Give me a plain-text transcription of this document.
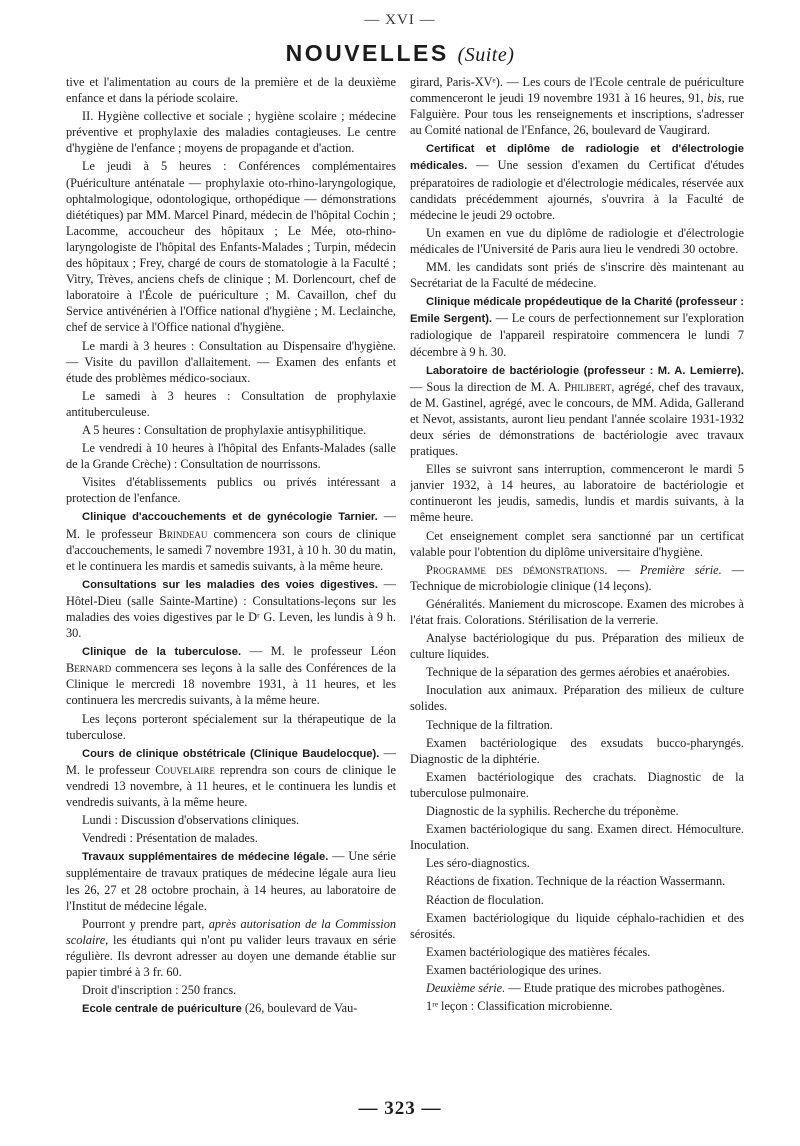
— XVI —
NOUVELLES (Suite)

tive et l'alimentation au cours de la première et de la deuxième enfance et dans la période scolaire.

II. Hygiène collective et sociale ; hygiène scolaire ; médecine préventive et prophylaxie des maladies contagieuses. Le centre d'hygiène de l'enfance ; moyens de propagande et d'action.

Le jeudi à 5 heures : Conférences complémentaires (Puériculture anténatale — prophylaxie oto-rhino-laryngologique, ophtalmologique, odontologique, orthopédique — démonstrations diététiques) par MM. Marcel Pinard, médecin de l'hôpital Cochin ; Lacomme, accoucheur des hôpitaux ; Le Mée, oto-rhino-laryngologiste de l'hôpital des Enfants-Malades ; Turpin, médecin des hôpitaux ; Frey, chargé de cours de stomatologie à la Faculté ; Vitry, Trèves, anciens chefs de clinique ; M. Dorlencourt, chef de laboratoire à l'École de puériculture ; M. Cavaillon, chef du Service antivénérien à l'Office national d'hygiène ; M. Leclainche, chef de service à l'Office national d'hygiène.

Le mardi à 3 heures : Consultation au Dispensaire d'hygiène. — Visite du pavillon d'allaitement. — Examen des enfants et étude des problèmes médico-sociaux.

Le samedi à 3 heures : Consultation de prophylaxie antituberculeuse.

A 5 heures : Consultation de prophylaxie antisyphilitique.

Le vendredi à 10 heures à l'hôpital des Enfants-Malades (salle de la Grande Crèche) : Consultation de nourrissons.

Visites d'établissements publics ou privés intéressant a protection de l'enfance.

Clinique d'accouchements et de gynécologie Tarnier. — M. le professeur Brindeau commencera son cours de clinique d'accouchements, le samedi 7 novembre 1931, à 10 h. 30 du matin, et le continuera les mardis et samedis suivants, à la même heure.

Consultations sur les maladies des voies digestives. — Hôtel-Dieu (salle Sainte-Martine) : Consultations-leçons sur les maladies des voies digestives par le Dʳ G. Leven, les lundis à 9 h. 30.

Clinique de la tuberculose. — M. le professeur Léon Bernard commencera ses leçons à la salle des Conférences de la Clinique le mercredi 18 novembre 1931, à 11 heures, et les continuera les mercredis suivants, à la même heure.

Les leçons porteront spécialement sur la thérapeutique de la tuberculose.

Cours de clinique obstétricale (Clinique Baudelocque). — M. le professeur Couvelaire reprendra son cours de clinique le vendredi 13 novembre, à 11 heures, et le continuera les lundis et vendredis suivants, à la même heure.

Lundi : Discussion d'observations cliniques.

Vendredi : Présentation de malades.

Travaux supplémentaires de médecine légale. — Une série supplémentaire de travaux pratiques de médecine légale aura lieu les 26, 27 et 28 octobre prochain, à 14 heures, au laboratoire de l'Institut de médecine légale.

Pourront y prendre part, après autorisation de la Commission scolaire, les étudiants qui n'ont pu valider leurs travaux en série régulière. Ils devront adresser au doyen une demande établie sur papier timbré à 3 fr. 60.

Droit d'inscription : 250 francs.

Ecole centrale de puériculture (26, boulevard de Vau-

girard, Paris-XVᵉ). — Les cours de l'Ecole centrale de puériculture commenceront le jeudi 19 novembre 1931 à 16 heures, 91, bis, rue Falguière. Pour tous les renseignements et inscriptions, s'adresser au Comité national de l'Enfance, 26, boulevard de Vaugirard.

Certificat et diplôme de radiologie et d'électrologie médicales. — Une session d'examen du Certificat d'études préparatoires de radiologie et d'électrologie médicales, réservée aux candidats précédemment ajournés, s'ouvrira à la Faculté de médecine le jeudi 29 octobre.

Un examen en vue du diplôme de radiologie et d'électrologie médicales de l'Université de Paris aura lieu le vendredi 30 octobre.

MM. les candidats sont priés de s'inscrire dès maintenant au Secrétariat de la Faculté de médecine.

Clinique médicale propédeutique de la Charité (professeur : Emile Sergent). — Le cours de perfectionnement sur l'exploration radiologique de l'appareil respiratoire commencera le lundi 7 décembre à 9 h. 30.

Laboratoire de bactériologie (professeur : M. A. Lemierre). — Sous la direction de M. A. Philibert, agrégé, chef des travaux, de M. Gastinel, agrégé, avec le concours, de MM. Adida, Gallerand et Nevot, assistants, auront lieu pendant l'année scolaire 1931-1932 deux séries de démonstrations de bactériologie avec travaux pratiques.

Elles se suivront sans interruption, commenceront le mardi 5 janvier 1932, à 14 heures, au laboratoire de bactériologie et continueront les jeudis, samedis, lundis et mardis suivants, à la même heure.

Cet enseignement complet sera sanctionné par un certificat valable pour l'obtention du diplôme universitaire d'hygiène.

Programme des démonstrations. — Première série. — Technique de microbiologie clinique (14 leçons).

Généralités. Maniement du microscope. Examen des microbes à l'état frais. Colorations. Stérilisation de la verrerie.

Analyse bactériologique du pus. Préparation des milieux de culture liquides.

Technique de la séparation des germes aérobies et anaérobies.

Inoculation aux animaux. Préparation des milieux de culture solides.

Technique de la filtration.

Examen bactériologique des exsudats bucco-pharyngés. Diagnostic de la diphtérie.

Examen bactériologique des crachats. Diagnostic de la tuberculose pulmonaire.

Diagnostic de la syphilis. Recherche du tréponème.

Examen bactériologique du sang. Examen direct. Hémoculture. Inoculation.

Les séro-diagnostics.

Réactions de fixation. Technique de la réaction Wassermann.

Réaction de floculation.

Examen bactériologique du liquide céphalo-rachidien et des sérosités.

Examen bactériologique des matières fécales.

Examen bactériologique des urines.

Deuxième série. — Etude pratique des microbes pathogènes.

1ʳᵉ leçon : Classification microbienne.

— 323 —
